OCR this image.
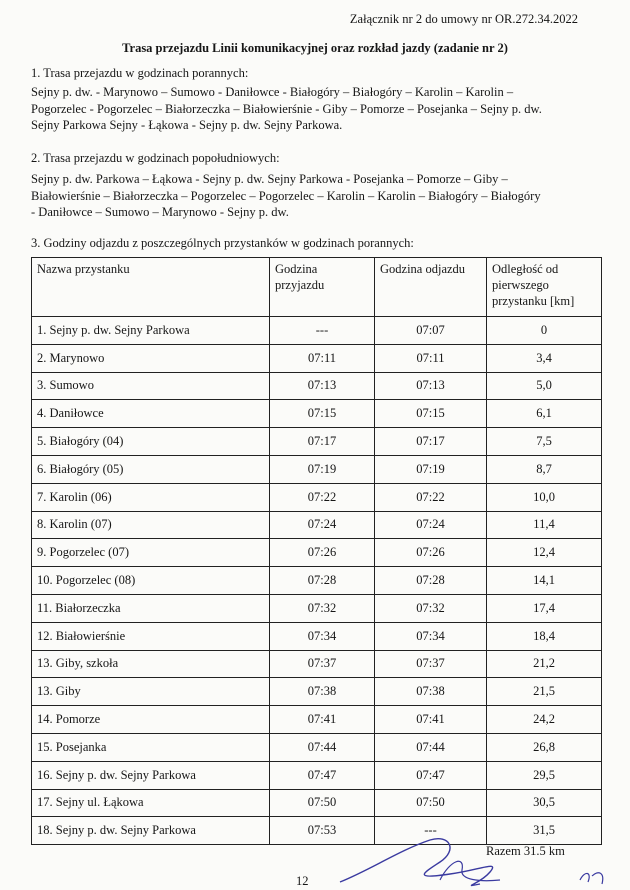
Załącznik nr 2 do umowy nr OR.272.34.2022
Trasa przejazdu Linii komunikacyjnej oraz rozkład jazdy (zadanie nr 2)
1. Trasa przejazdu w godzinach porannych:
Sejny p. dw. - Marynowo – Sumowo - Daniłowce - Białogóry – Białogóry – Karolin – Karolin –
Pogorzelec - Pogorzelec – Białorzeczka – Białowierśnie - Giby – Pomorze – Posejanka – Sejny p. dw.
Sejny Parkowa Sejny - Łąkowa - Sejny p. dw. Sejny Parkowa.
2. Trasa przejazdu w godzinach popołudniowych:
Sejny p. dw. Parkowa – Łąkowa - Sejny p. dw. Sejny Parkowa - Posejanka – Pomorze – Giby –
Białowierśnie – Białorzeczka – Pogorzelec – Pogorzelec – Karolin – Karolin – Białogóry – Białogóry
- Daniłowce – Sumowo – Marynowo - Sejny p. dw.
3. Godziny odjazdu z poszczególnych przystanków w godzinach porannych:
Nazwa przystanku	Godzina przyjazdu	Godzina odjazdu	Odległość od pierwszego przystanku [km]
1. Sejny p. dw. Sejny Parkowa	---	07:07	0
2. Marynowo	07:11	07:11	3,4
3. Sumowo	07:13	07:13	5,0
4. Daniłowce	07:15	07:15	6,1
5. Białogóry (04)	07:17	07:17	7,5
6. Białogóry (05)	07:19	07:19	8,7
7. Karolin (06)	07:22	07:22	10,0
8. Karolin (07)	07:24	07:24	11,4
9. Pogorzelec (07)	07:26	07:26	12,4
10. Pogorzelec (08)	07:28	07:28	14,1
11. Białorzeczka	07:32	07:32	17,4
12. Białowierśnie	07:34	07:34	18,4
13. Giby, szkoła	07:37	07:37	21,2
13. Giby	07:38	07:38	21,5
14. Pomorze	07:41	07:41	24,2
15. Posejanka	07:44	07:44	26,8
16. Sejny p. dw. Sejny Parkowa	07:47	07:47	29,5
17. Sejny ul. Łąkowa	07:50	07:50	30,5
18. Sejny p. dw. Sejny Parkowa	07:53	---	31,5
Razem 31.5 km
12
